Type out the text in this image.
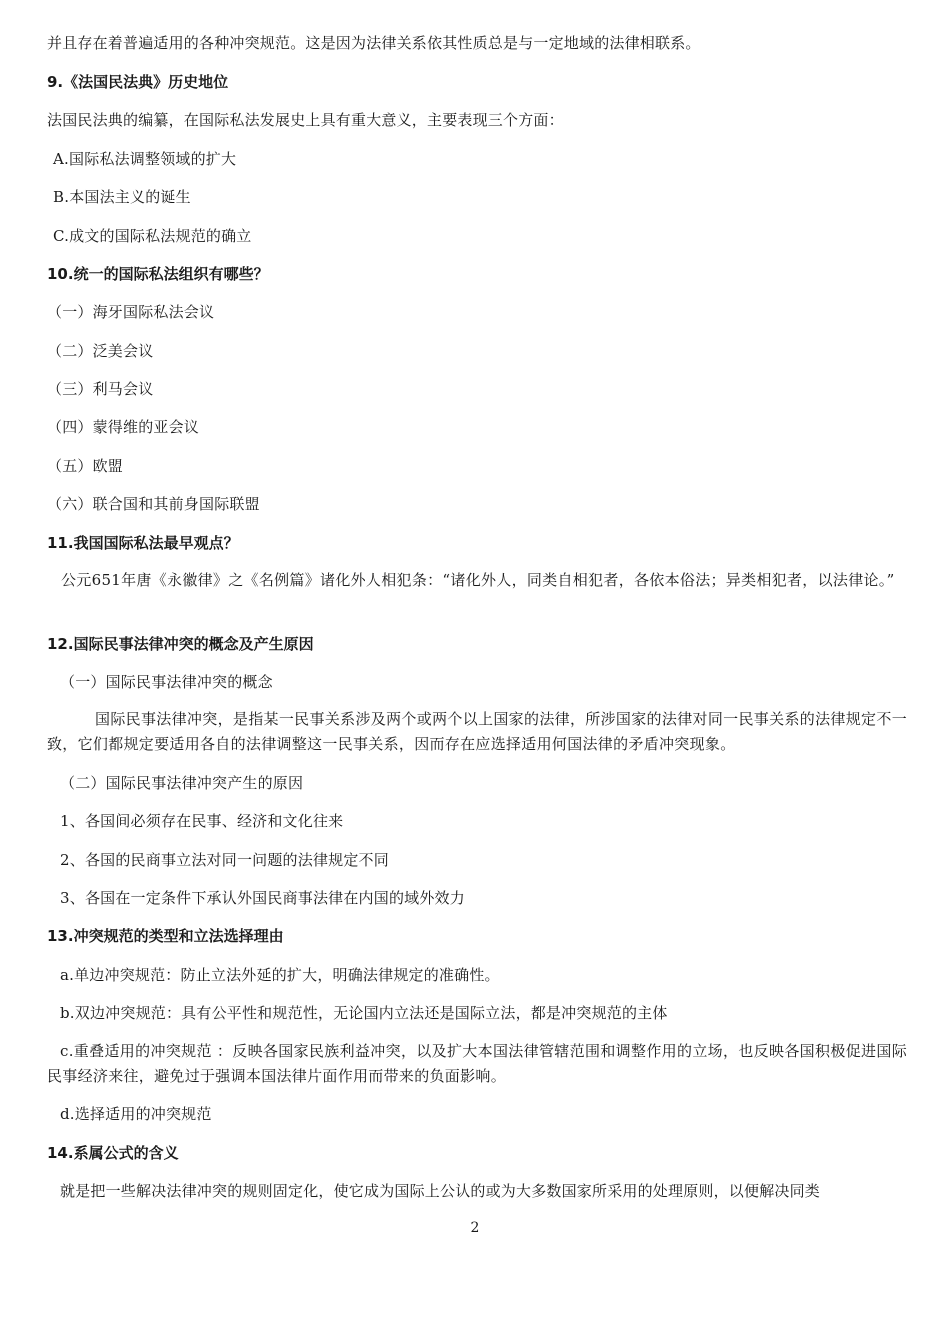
并且存在着普遍适用的各种冲突规范。这是因为法律关系依其性质总是与一定地域的法律相联系。
9.《法国民法典》历史地位
法国民法典的编纂，在国际私法发展史上具有重大意义，主要表现三个方面：
A.国际私法调整领域的扩大
B.本国法主义的诞生
C.成文的国际私法规范的确立
10.统一的国际私法组织有哪些？
（一）海牙国际私法会议
（二）泛美会议
（三）利马会议
（四）蒙得维的亚会议
（五）欧盟
（六）联合国和其前身国际联盟
11.我国国际私法最早观点？
公元651年唐《永徽律》之《名例篇》诸化外人相犯条：“诸化外人，同类自相犯者，各依本俗法；异类相犯者，以法律论。”
12.国际民事法律冲突的概念及产生原因
（一）国际民事法律冲突的概念
国际民事法律冲突，是指某一民事关系涉及两个或两个以上国家的法律，所涉国家的法律对同一民事关系的法律规定不一致，它们都规定要适用各自的法律调整这一民事关系，因而存在应选择适用何国法律的矛盾冲突现象。
（二）国际民事法律冲突产生的原因
1、各国间必须存在民事、经济和文化往来
2、各国的民商事立法对同一问题的法律规定不同
3、各国在一定条件下承认外国民商事法律在内国的域外效力
13.冲突规范的类型和立法选择理由
a.单边冲突规范：防止立法外延的扩大，明确法律规定的准确性。
b.双边冲突规范：具有公平性和规范性，无论国内立法还是国际立法，都是冲突规范的主体
c.重叠适用的冲突规范 ：反映各国家民族利益冲突，以及扩大本国法律管辖范围和调整作用的立场，也反映各国积极促进国际民事经济来往，避免过于强调本国法律片面作用而带来的负面影响。
d.选择适用的冲突规范
14.系属公式的含义
就是把一些解决法律冲突的规则固定化，使它成为国际上公认的或为大多数国家所采用的处理原则，以便解决同类
2
